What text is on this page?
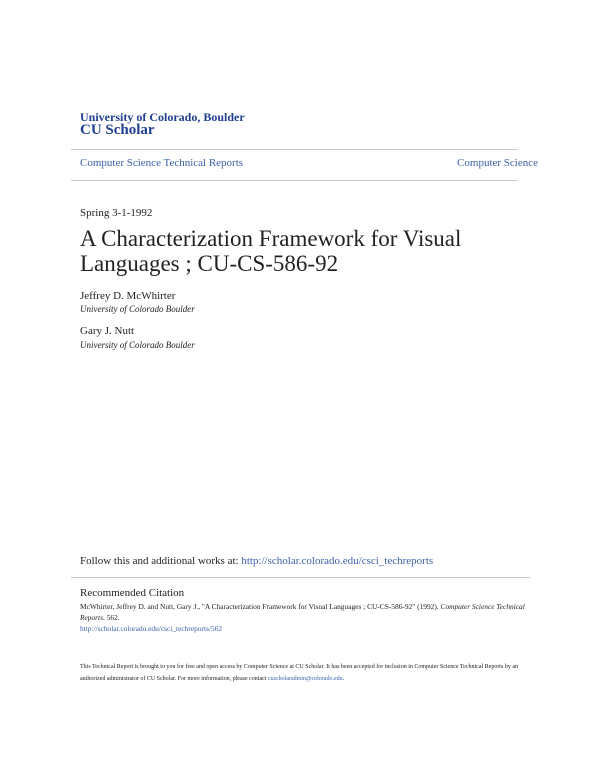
University of Colorado, Boulder
CU Scholar
Computer Science Technical Reports	Computer Science
Spring 3-1-1992
A Characterization Framework for Visual Languages ; CU-CS-586-92
Jeffrey D. McWhirter
University of Colorado Boulder
Gary J. Nutt
University of Colorado Boulder
Follow this and additional works at: http://scholar.colorado.edu/csci_techreports
Recommended Citation
McWhirter, Jeffrey D. and Nutt, Gary J., "A Characterization Framework for Visual Languages ; CU-CS-586-92" (1992). Computer Science Technical Reports. 562.
http://scholar.colorado.edu/csci_techreports/562
This Technical Report is brought to you for free and open access by Computer Science at CU Scholar. It has been accepted for inclusion in Computer Science Technical Reports by an authorized administrator of CU Scholar. For more information, please contact cuscholaradmin@colorado.edu.
